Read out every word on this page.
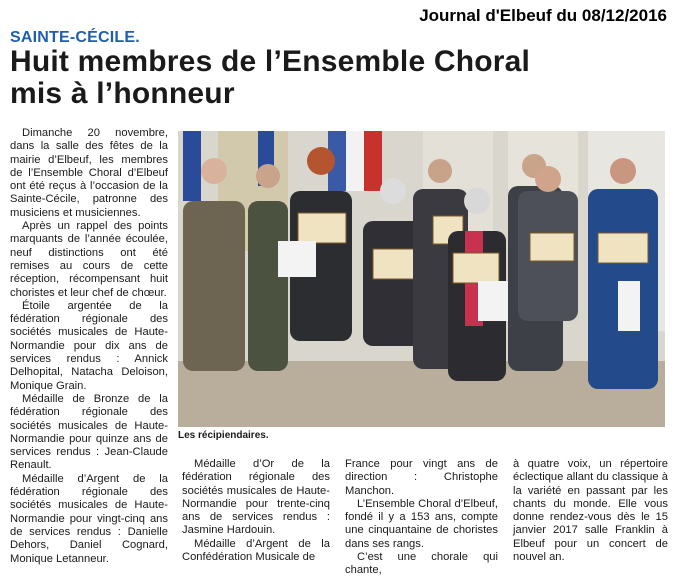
Journal d'Elbeuf du 08/12/2016
SAINTE-CÉCILE.
Huit membres de l’Ensemble Choral
mis à l’honneur

Dimanche 20 novembre, dans la salle des fêtes de la mairie d’Elbeuf, les membres de l’Ensemble Choral d’Elbeuf ont été reçus à l’occasion de la Sainte-Cécile, patronne des musiciens et musiciennes.

Après un rappel des points marquants de l’année écoulée, neuf distinctions ont été remises au cours de cette réception, récompensant huit choristes et leur chef de chœur.

Étoile argentée de la fédération régionale des sociétés musicales de Haute-Normandie pour dix ans de services rendus : Annick Delhopital, Natacha Deloison, Monique Grain.

Médaille de Bronze de la fédération régionale des sociétés musicales de Haute-Normandie pour quinze ans de services rendus : Jean-Claude Renault.

Médaille d’Argent de la fédération régionale des sociétés musicales de Haute-Normandie pour vingt-cinq ans de services rendus : Danielle Dehors, Daniel Cognard, Monique Letanneur.

Les récipiendaires.

Médaille d’Or de la fédération régionale des sociétés musicales de Haute-Normandie pour trente-cinq ans de services rendus : Jasmine Hardouin.

Médaille d’Argent de la Confédération Musicale de

France pour vingt ans de direction : Christophe Manchon.

L’Ensemble Choral d’Elbeuf, fondé il y a 153 ans, compte une cinquantaine de choristes dans ses rangs.

C’est une chorale qui chante,

à quatre voix, un répertoire éclectique allant du classique à la variété en passant par les chants du monde. Elle vous donne rendez-vous dès le 15 janvier 2017 salle Franklin à Elbeuf pour un concert de nouvel an.
